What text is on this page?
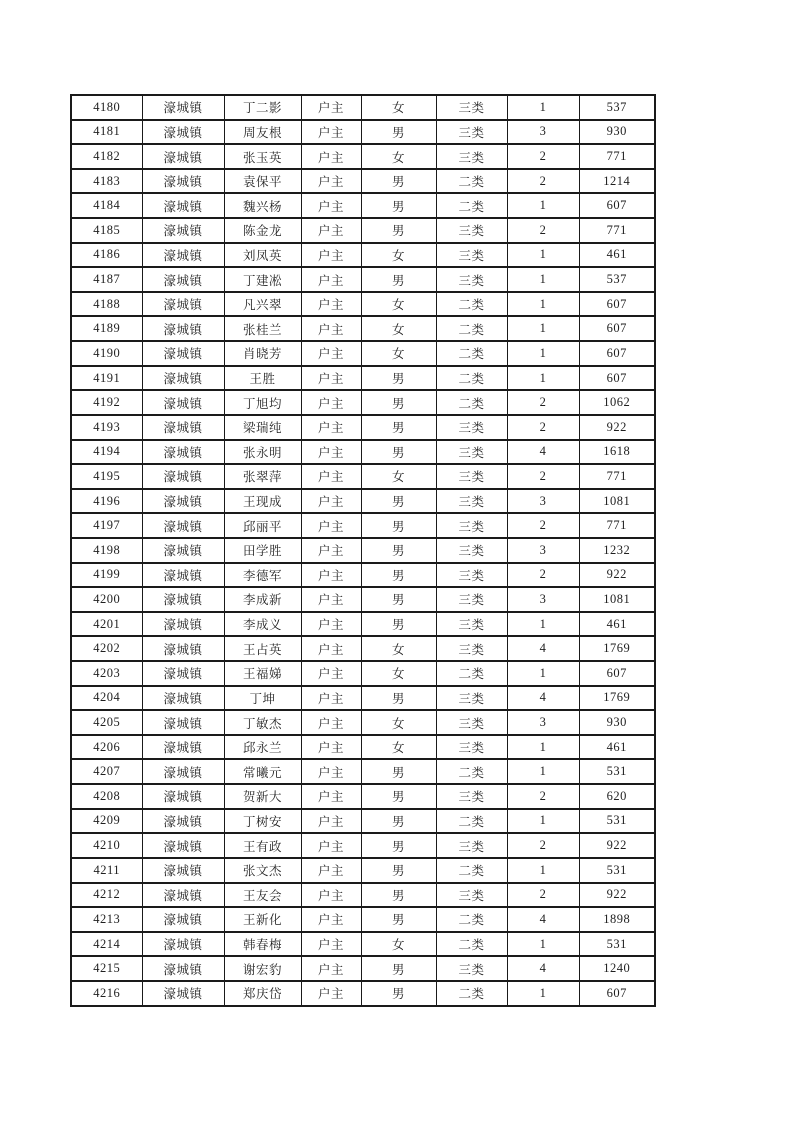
4180	濠城镇	丁二影	户主	女	三类	1	537
4181	濠城镇	周友根	户主	男	三类	3	930
4182	濠城镇	张玉英	户主	女	三类	2	771
4183	濠城镇	袁保平	户主	男	二类	2	1214
4184	濠城镇	魏兴杨	户主	男	二类	1	607
4185	濠城镇	陈金龙	户主	男	三类	2	771
4186	濠城镇	刘凤英	户主	女	三类	1	461
4187	濠城镇	丁建凇	户主	男	三类	1	537
4188	濠城镇	凡兴翠	户主	女	二类	1	607
4189	濠城镇	张桂兰	户主	女	二类	1	607
4190	濠城镇	肖晓芳	户主	女	二类	1	607
4191	濠城镇	王胜	户主	男	二类	1	607
4192	濠城镇	丁旭均	户主	男	二类	2	1062
4193	濠城镇	梁瑞纯	户主	男	三类	2	922
4194	濠城镇	张永明	户主	男	三类	4	1618
4195	濠城镇	张翠萍	户主	女	三类	2	771
4196	濠城镇	王现成	户主	男	三类	3	1081
4197	濠城镇	邱丽平	户主	男	三类	2	771
4198	濠城镇	田学胜	户主	男	三类	3	1232
4199	濠城镇	李德军	户主	男	三类	2	922
4200	濠城镇	李成新	户主	男	三类	3	1081
4201	濠城镇	李成义	户主	男	三类	1	461
4202	濠城镇	王占英	户主	女	三类	4	1769
4203	濠城镇	王福娣	户主	女	二类	1	607
4204	濠城镇	丁坤	户主	男	三类	4	1769
4205	濠城镇	丁敏杰	户主	女	三类	3	930
4206	濠城镇	邱永兰	户主	女	三类	1	461
4207	濠城镇	常曦元	户主	男	二类	1	531
4208	濠城镇	贺新大	户主	男	三类	2	620
4209	濠城镇	丁树安	户主	男	二类	1	531
4210	濠城镇	王有政	户主	男	三类	2	922
4211	濠城镇	张文杰	户主	男	二类	1	531
4212	濠城镇	王友会	户主	男	三类	2	922
4213	濠城镇	王新化	户主	男	二类	4	1898
4214	濠城镇	韩春梅	户主	女	二类	1	531
4215	濠城镇	谢宏豹	户主	男	三类	4	1240
4216	濠城镇	郑庆岱	户主	男	二类	1	607
